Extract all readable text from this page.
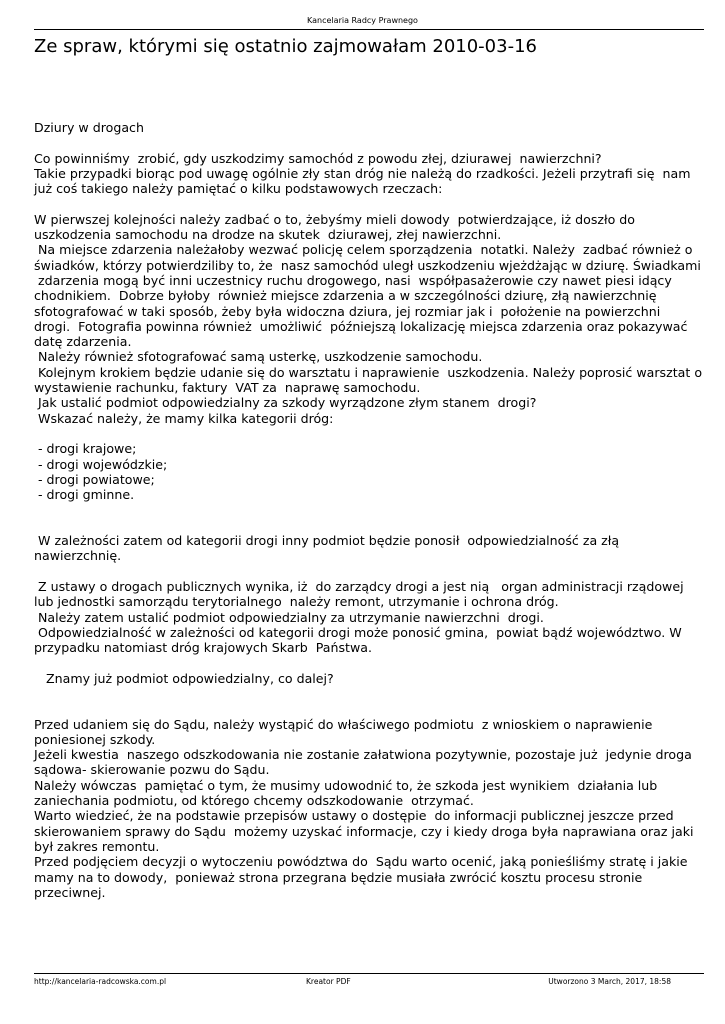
Kancelaria Radcy Prawnego
Ze spraw, którymi się ostatnio zajmowałam 2010-03-16
Dziury w drogach
Co powinniśmy  zrobić, gdy uszkodzimy samochód z powodu złej, dziurawej  nawierzchni?
Takie przypadki biorąc pod uwagę ogólnie zły stan dróg nie należą do rzadkości. Jeżeli przytrafi się  nam
już coś takiego należy pamiętać o kilku podstawowych rzeczach:
W pierwszej kolejności należy zadbać o to, żebyśmy mieli dowody  potwierdzające, iż doszło do
uszkodzenia samochodu na drodze na skutek  dziurawej, złej nawierzchni.
Na miejsce zdarzenia należałoby wezwać policję celem sporządzenia  notatki. Należy  zadbać również o
świadków, którzy potwierdziliby to, że  nasz samochód uległ uszkodzeniu wjeżdżając w dziurę. Świadkami
zdarzenia mogą być inni uczestnicy ruchu drogowego, nasi  współpasażerowie czy nawet piesi idący
chodnikiem.  Dobrze byłoby  również miejsce zdarzenia a w szczególności dziurę, złą nawierzchnię
sfotografować w taki sposób, żeby była widoczna dziura, jej rozmiar jak i  położenie na powierzchni
drogi.  Fotografia powinna również  umożliwić  późniejszą lokalizację miejsca zdarzenia oraz pokazywać
datę zdarzenia.
Należy również sfotografować samą usterkę, uszkodzenie samochodu.
Kolejnym krokiem będzie udanie się do warsztatu i naprawienie  uszkodzenia. Należy poprosić warsztat o
wystawienie rachunku, faktury  VAT za  naprawę samochodu.
Jak ustalić podmiot odpowiedzialny za szkody wyrządzone złym stanem  drogi?
Wskazać należy, że mamy kilka kategorii dróg:
- drogi krajowe;
- drogi wojewódzkie;
- drogi powiatowe;
- drogi gminne.
W zależności zatem od kategorii drogi inny podmiot będzie ponosił  odpowiedzialność za złą
nawierzchnię.
Z ustawy o drogach publicznych wynika, iż  do zarządcy drogi a jest nią   organ administracji rządowej
lub jednostki samorządu terytorialnego  należy remont, utrzymanie i ochrona dróg.
Należy zatem ustalić podmiot odpowiedzialny za utrzymanie nawierzchni  drogi.
Odpowiedzialność w zależności od kategorii drogi może ponosić gmina,  powiat bądź województwo. W
przypadku natomiast dróg krajowych Skarb  Państwa.
Znamy już podmiot odpowiedzialny, co dalej?
Przed udaniem się do Sądu, należy wystąpić do właściwego podmiotu  z wnioskiem o naprawienie
poniesionej szkody.
Jeżeli kwestia  naszego odszkodowania nie zostanie załatwiona pozytywnie, pozostaje już  jedynie droga
sądowa- skierowanie pozwu do Sądu.
Należy wówczas  pamiętać o tym, że musimy udowodnić to, że szkoda jest wynikiem  działania lub
zaniechania podmiotu, od którego chcemy odszkodowanie  otrzymać.
Warto wiedzieć, że na podstawie przepisów ustawy o dostępie  do informacji publicznej jeszcze przed
skierowaniem sprawy do Sądu  możemy uzyskać informacje, czy i kiedy droga była naprawiana oraz jaki
był zakres remontu.
Przed podjęciem decyzji o wytoczeniu powództwa do  Sądu warto ocenić, jaką ponieśliśmy stratę i jakie
mamy na to dowody,  ponieważ strona przegrana będzie musiała zwrócić kosztu procesu stronie
przeciwnej.
http://kancelaria-radcowska.com.pl	Kreator PDF	Utworzono 3 March, 2017, 18:58
